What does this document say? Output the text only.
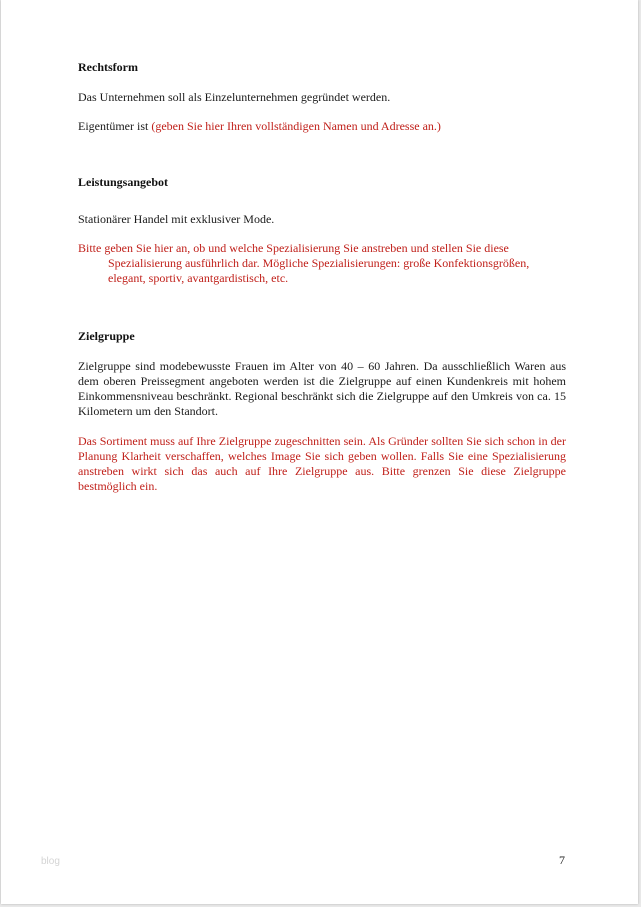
Rechtsform

Das Unternehmen soll als Einzelunternehmen gegründet werden.

Eigentümer ist (geben Sie hier Ihren vollständigen Namen und Adresse an.)

Leistungsangebot

Stationärer Handel mit exklusiver Mode.

Bitte geben Sie hier an, ob und welche Spezialisierung Sie anstreben und stellen Sie diese Spezialisierung ausführlich dar. Mögliche Spezialisierungen: große Konfektionsgrößen, elegant, sportiv, avantgardistisch, etc.

Zielgruppe

Zielgruppe sind modebewusste Frauen im Alter von 40 – 60 Jahren. Da ausschließlich Waren aus dem oberen Preissegment angeboten werden ist die Zielgruppe auf einen Kundenkreis mit hohem Einkommensniveau beschränkt. Regional beschränkt sich die Zielgruppe auf den Umkreis von ca. 15 Kilometern um den Standort.

Das Sortiment muss auf Ihre Zielgruppe zugeschnitten sein. Als Gründer sollten Sie sich schon in der Planung Klarheit verschaffen, welches Image Sie sich geben wollen. Falls Sie eine Spezialisierung anstreben wirkt sich das auch auf Ihre Zielgruppe aus. Bitte grenzen Sie diese Zielgruppe bestmöglich ein.

blog	7
